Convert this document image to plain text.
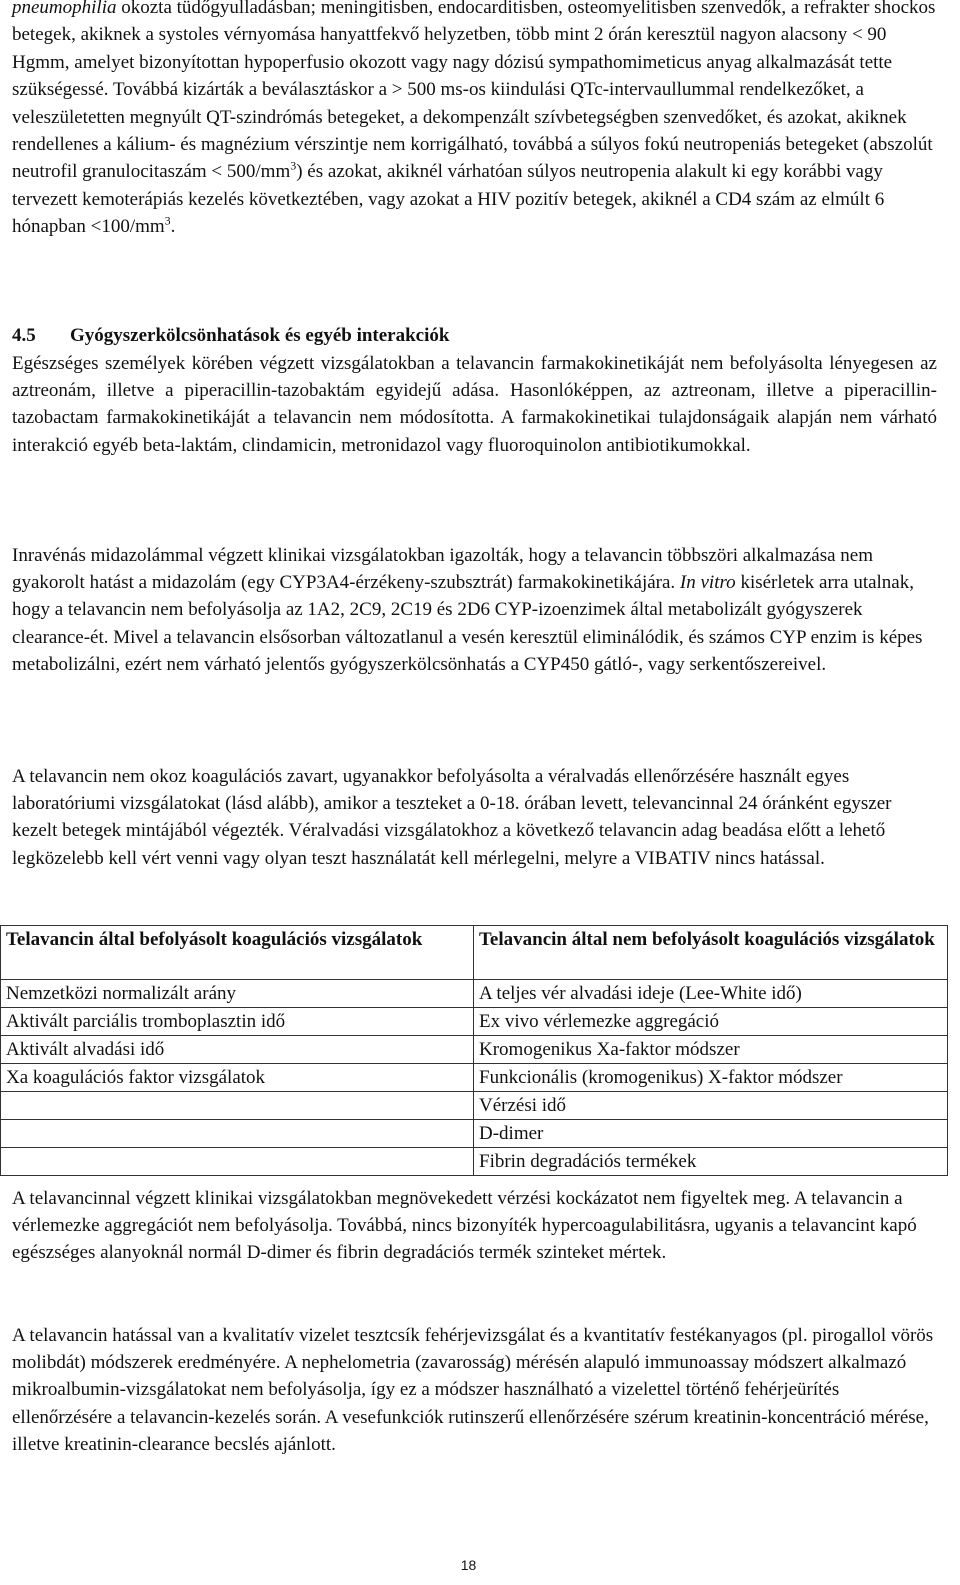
pneumophilia okozta tüdőgyulladásban; meningitisben, endocarditisben, osteomyelitisben szenvedők, a refrakter shockos betegek, akiknek a systoles vérnyomása hanyattfekvő helyzetben, több mint 2 órán keresztül nagyon alacsony < 90 Hgmm, amelyet bizonyítottan hypoperfusio okozott vagy nagy dózisú sympathomimeticus anyag alkalmazását tette szükségessé. Továbbá kizárták a beválasztáskor a > 500 ms-os kiindulási QTc-intervaullummal rendelkezőket, a veleszületetten megnyúlt QT-szindrómás betegeket, a dekompenzált szívbetegségben szenvedőket, és azokat, akiknek rendellenes a kálium- és magnézium vérszintje nem korrigálható, továbbá a súlyos fokú neutropeniás betegeket (abszolút neutrofil granulocitaszám < $500/mm^3$) és azokat, akiknél várhatóan súlyos neutropenia alakult ki egy korábbi vagy tervezett kemoterápiás kezelés következtében, vagy azokat a HIV pozitív betegek, akiknél a CD4 szám az elmúlt 6 hónapban $<100/mm^3$.

4.5 Gyógyszerkölcsönhatások és egyéb interakciók

Egészséges személyek körében végzett vizsgálatokban a telavancin farmakokinetikáját nem befolyásolta lényegesen az aztreonám, illetve a piperacillin-tazobaktám egyidejű adása. Hasonlóképpen, az aztreonam, illetve a piperacillin-tazobactam farmakokinetikáját a telavancin nem módosította. A farmakokinetikai tulajdonságaik alapján nem várható interakció egyéb beta-laktám, clindamicin, metronidazol vagy fluoroquinolon antibiotikumokkal.

Inravénás midazolámmal végzett klinikai vizsgálatokban igazolták, hogy a telavancin többszöri alkalmazása nem gyakorolt hatást a midazolám (egy CYP3A4-érzékeny-szubsztrát) farmakokinetikájára. In vitro kisérletek arra utalnak, hogy a telavancin nem befolyásolja az 1A2, 2C9, 2C19 és 2D6 CYP-izoenzimek által metabolizált gyógyszerek clearance-ét. Mivel a telavancin elsősorban változatlanul a vesén keresztül eliminálódik, és számos CYP enzim is képes metabolizálni, ezért nem várható jelentős gyógyszerkölcsönhatás a CYP450 gátló-, vagy serkentőszereivel.

A telavancin nem okoz koagulációs zavart, ugyanakkor befolyásolta a véralvadás ellenőrzésére használt egyes laboratóriumi vizsgálatokat (lásd alább), amikor a teszteket a 0-18. órában levett, televancinnal 24 óránként egyszer kezelt betegek mintájából végezték. Véralvadási vizsgálatokhoz a következő telavancin adag beadása előtt a lehető legközelebb kell vért venni vagy olyan teszt használatát kell mérlegelni, melyre a VIBATIV nincs hatással.

Telavancin által befolyásolt koagulációs vizsgálatok	Telavancin által nem befolyásolt koagulációs vizsgálatok
Nemzetközi normalizált arány	A teljes vér alvadási ideje (Lee-White idő)
Aktivált parciális tromboplasztin idő	Ex vivo vérlemezke aggregáció
Aktivált alvadási idő	Kromogenikus Xa-faktor módszer
Xa koagulációs faktor vizsgálatok	Funkcionális (kromogenikus) X-faktor módszer
	Vérzési idő
	D-dimer
	Fibrin degradációs termékek

A telavancinnal végzett klinikai vizsgálatokban megnövekedett vérzési kockázatot nem figyeltek meg. A telavancin a vérlemezke aggregációt nem befolyásolja. Továbbá, nincs bizonyíték hypercoagulabilitásra, ugyanis a telavancint kapó egészséges alanyoknál normál D-dimer és fibrin degradációs termék szinteket mértek.

A telavancin hatással van a kvalitatív vizelet tesztcsík fehérjevizsgálat és a kvantitatív festékanyagos (pl. pirogallol vörös molibdát) módszerek eredményére. A nephelometria (zavarosság) mérésén alapuló immunoassay módszert alkalmazó mikroalbumin-vizsgálatokat nem befolyásolja, így ez a módszer használható a vizelettel történő fehérjeürítés ellenőrzésére a telavancin-kezelés során. A vesefunkciók rutinszerű ellenőrzésére szérum kreatinin-koncentráció mérése, illetve kreatinin-clearance becslés ajánlott.

18
